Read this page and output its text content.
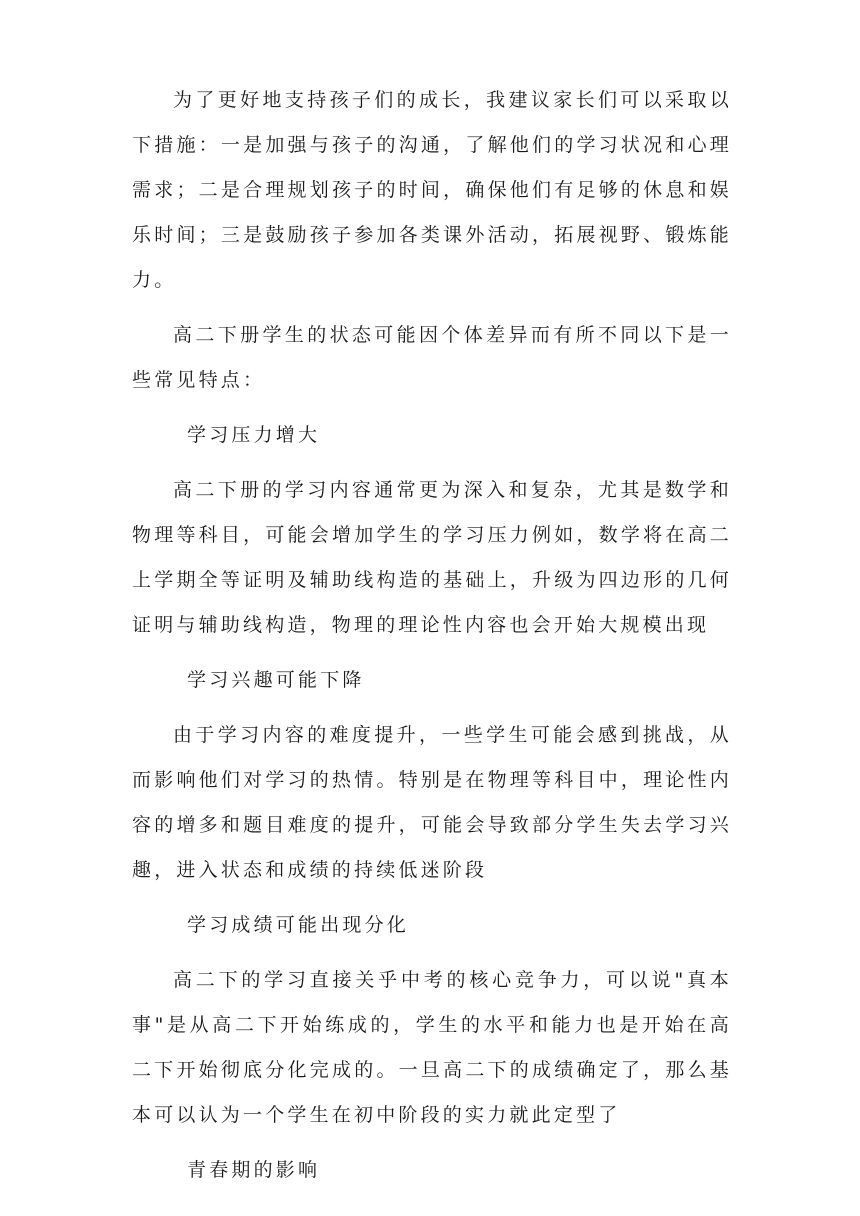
为了更好地支持孩子们的成长，我建议家长们可以采取以下措施：一是加强与孩子的沟通，了解他们的学习状况和心理需求；二是合理规划孩子的时间，确保他们有足够的休息和娱乐时间；三是鼓励孩子参加各类课外活动，拓展视野、锻炼能力。

高二下册学生的状态可能因个体差异而有所不同以下是一些常见特点：

学习压力增大

高二下册的学习内容通常更为深入和复杂，尤其是数学和物理等科目，可能会增加学生的学习压力例如，数学将在高二上学期全等证明及辅助线构造的基础上，升级为四边形的几何证明与辅助线构造，物理的理论性内容也会开始大规模出现

学习兴趣可能下降

由于学习内容的难度提升，一些学生可能会感到挑战，从而影响他们对学习的热情。特别是在物理等科目中，理论性内容的增多和题目难度的提升，可能会导致部分学生失去学习兴趣，进入状态和成绩的持续低迷阶段

学习成绩可能出现分化

高二下的学习直接关乎中考的核心竞争力，可以说"真本事"是从高二下开始练成的，学生的水平和能力也是开始在高二下开始彻底分化完成的。一旦高二下的成绩确定了，那么基本可以认为一个学生在初中阶段的实力就此定型了

青春期的影响
